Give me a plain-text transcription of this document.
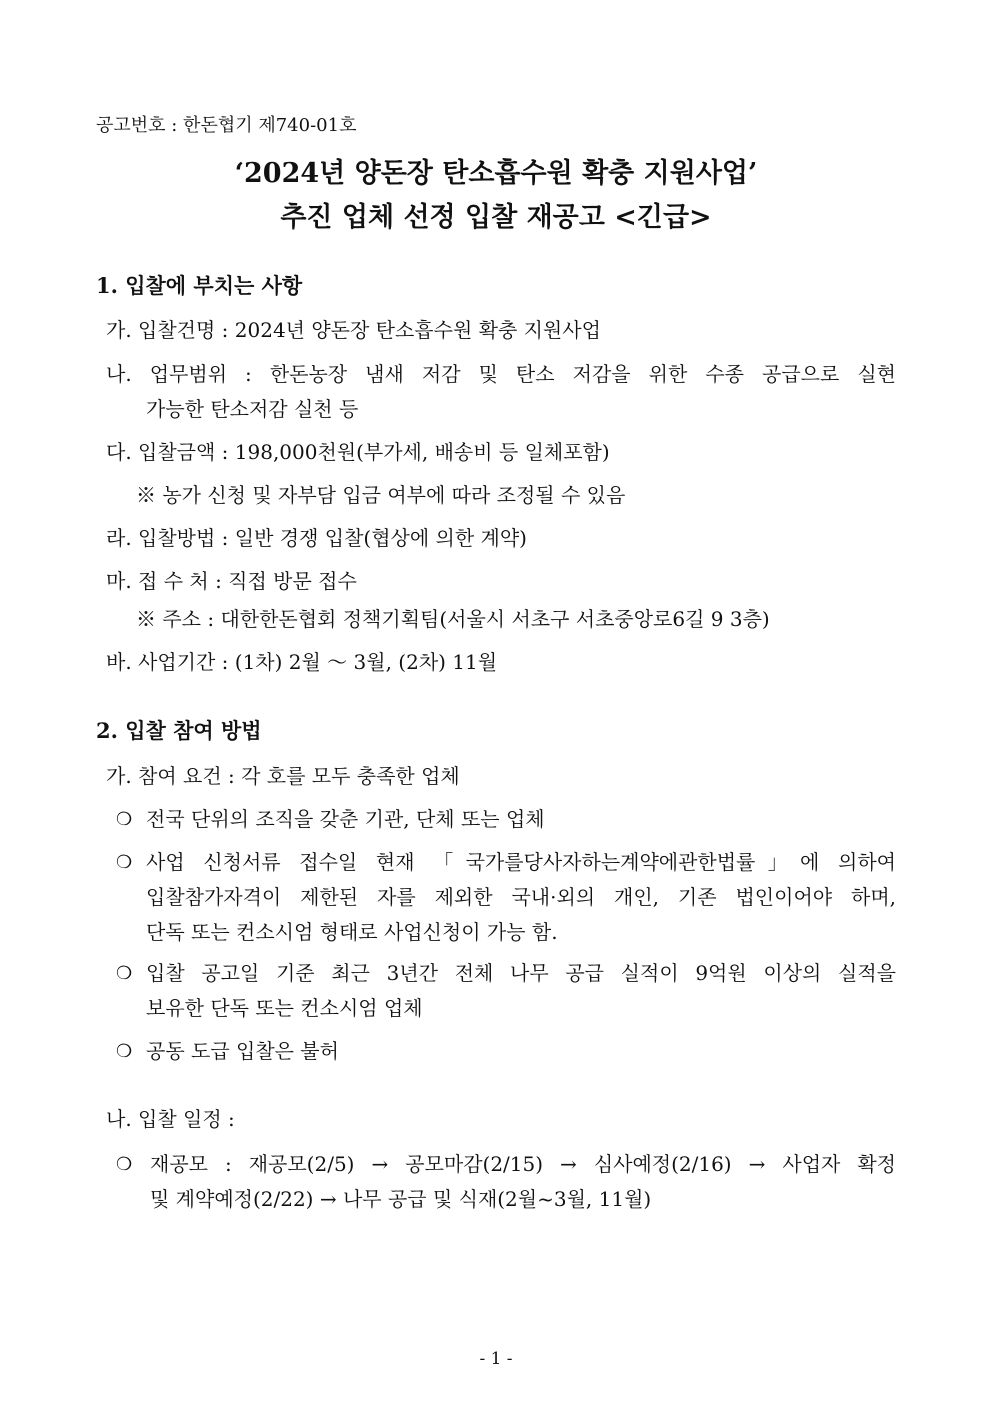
공고번호 : 한돈협기 제740-01호
‘2024년 양돈장 탄소흡수원 확충 지원사업’
추진 업체 선정 입찰 재공고 <긴급>
1. 입찰에 부치는 사항
가. 입찰건명 : 2024년 양돈장 탄소흡수원 확충 지원사업
나. 업무범위 : 한돈농장 냄새 저감 및 탄소 저감을 위한 수종 공급으로 실현
가능한 탄소저감 실천 등
다. 입찰금액 : 198,000천원(부가세, 배송비 등 일체포함)
※ 농가 신청 및 자부담 입금 여부에 따라 조정될 수 있음
라. 입찰방법 : 일반 경쟁 입찰(협상에 의한 계약)
마. 접 수 처 : 직접 방문 접수
※ 주소 : 대한한돈협회 정책기획팀(서울시 서초구 서초중앙로6길 9 3층)
바. 사업기간 : (1차) 2월 ～ 3월, (2차) 11월
2. 입찰 참여 방법
가. 참여 요건 : 각 호를 모두 충족한 업체
❍ 전국 단위의 조직을 갖춘 기관, 단체 또는 업체
❍ 사업 신청서류 접수일 현재 「국가를당사자하는계약에관한법률」에 의하여
입찰참가자격이 제한된 자를 제외한 국내·외의 개인, 기존 법인이어야 하며,
단독 또는 컨소시엄 형태로 사업신청이 가능 함.
❍ 입찰 공고일 기준 최근 3년간 전체 나무 공급 실적이 9억원 이상의 실적을
보유한 단독 또는 컨소시엄 업체
❍ 공동 도급 입찰은 불허
나. 입찰 일정 :
❍ 재공모 : 재공모(2/5) → 공모마감(2/15) → 심사예정(2/16) → 사업자 확정
및 계약예정(2/22) → 나무 공급 및 식재(2월~3월, 11월)
- 1 -
